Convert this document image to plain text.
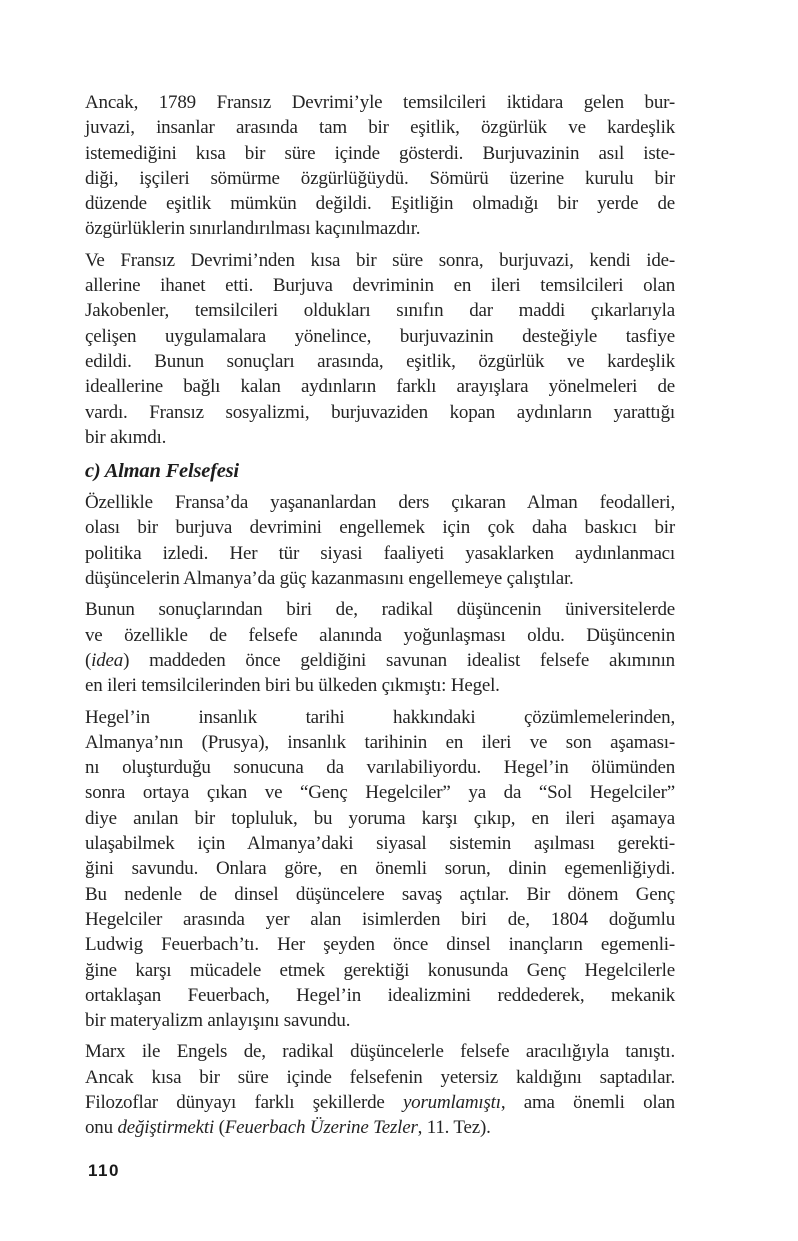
Ancak, 1789 Fransız Devrimi’yle temsilcileri iktidara gelen bur-
juvazi, insanlar arasında tam bir eşitlik, özgürlük ve kardeşlik
istemediğini kısa bir süre içinde gösterdi. Burjuvazinin asıl iste-
diği, işçileri sömürme özgürlüğüydü. Sömürü üzerine kurulu bir
düzende eşitlik mümkün değildi. Eşitliğin olmadığı bir yerde de
özgürlüklerin sınırlandırılması kaçınılmazdır.
Ve Fransız Devrimi’nden kısa bir süre sonra, burjuvazi, kendi ide-
allerine ihanet etti. Burjuva devriminin en ileri temsilcileri olan
Jakobenler, temsilcileri oldukları sınıfın dar maddi çıkarlarıyla
çelişen uygulamalara yönelince, burjuvazinin desteğiyle tasfiye
edildi. Bunun sonuçları arasında, eşitlik, özgürlük ve kardeşlik
ideallerine bağlı kalan aydınların farklı arayışlara yönelmeleri de
vardı. Fransız sosyalizmi, burjuvaziden kopan aydınların yarattığı
bir akımdı.
c) Alman Felsefesi
Özellikle Fransa’da yaşananlardan ders çıkaran Alman feodalleri,
olası bir burjuva devrimini engellemek için çok daha baskıcı bir
politika izledi. Her tür siyasi faaliyeti yasaklarken aydınlanmacı
düşüncelerin Almanya’da güç kazanmasını engellemeye çalıştılar.
Bunun sonuçlarından biri de, radikal düşüncenin üniversitelerde
ve özellikle de felsefe alanında yoğunlaşması oldu. Düşüncenin
(idea) maddeden önce geldiğini savunan idealist felsefe akımının
en ileri temsilcilerinden biri bu ülkeden çıkmıştı: Hegel.
Hegel’in insanlık tarihi hakkındaki çözümlemelerinden,
Almanya’nın (Prusya), insanlık tarihinin en ileri ve son aşaması-
nı oluşturduğu sonucuna da varılabiliyordu. Hegel’in ölümünden
sonra ortaya çıkan ve “Genç Hegelciler” ya da “Sol Hegelciler”
diye anılan bir topluluk, bu yoruma karşı çıkıp, en ileri aşamaya
ulaşabilmek için Almanya’daki siyasal sistemin aşılması gerekti-
ğini savundu. Onlara göre, en önemli sorun, dinin egemenliğiydi.
Bu nedenle de dinsel düşüncelere savaş açtılar. Bir dönem Genç
Hegelciler arasında yer alan isimlerden biri de, 1804 doğumlu
Ludwig Feuerbach’tı. Her şeyden önce dinsel inançların egemenli-
ğine karşı mücadele etmek gerektiği konusunda Genç Hegelcilerle
ortaklaşan Feuerbach, Hegel’in idealizmini reddederek, mekanik
bir materyalizm anlayışını savundu.
Marx ile Engels de, radikal düşüncelerle felsefe aracılığıyla tanıştı.
Ancak kısa bir süre içinde felsefenin yetersiz kaldığını saptadılar.
Filozoflar dünyayı farklı şekillerde yorumlamıştı, ama önemli olan
onu değiştirmekti (Feuerbach Üzerine Tezler, 11. Tez).
110
